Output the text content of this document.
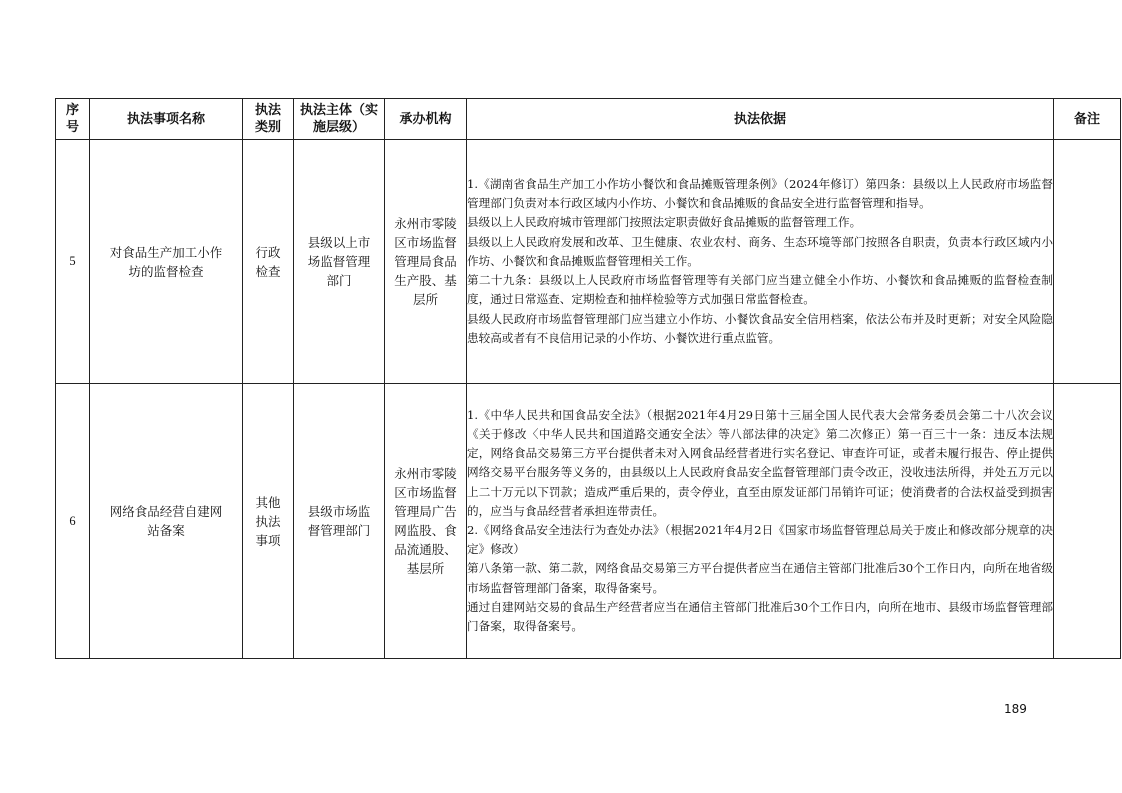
序号	执法事项名称	执法类别	执法主体（实施层级）	承办机构	执法依据	备注
5	对食品生产加工小作坊的监督检查	行政检查	县级以上市场监督管理部门	永州市零陵区市场监督管理局食品生产股、基层所	1.《湖南省食品生产加工小作坊小餐饮和食品摊贩管理条例》（2024年修订）第四条：县级以上人民政府市场监督管理部门负责对本行政区域内小作坊、小餐饮和食品摊贩的食品安全进行监督管理和指导。

县级以上人民政府城市管理部门按照法定职责做好食品摊贩的监督管理工作。

县级以上人民政府发展和改革、卫生健康、农业农村、商务、生态环境等部门按照各自职责，负责本行政区域内小作坊、小餐饮和食品摊贩监督管理相关工作。

第二十九条：县级以上人民政府市场监督管理等有关部门应当建立健全小作坊、小餐饮和食品摊贩的监督检查制度，通过日常巡查、定期检查和抽样检验等方式加强日常监督检查。

县级人民政府市场监督管理部门应当建立小作坊、小餐饮食品安全信用档案，依法公布并及时更新；对安全风险隐患较高或者有不良信用记录的小作坊、小餐饮进行重点监管。	

6	网络食品经营自建网站备案	其他执法事项	县级市场监督管理部门	永州市零陵区市场监督管理局广告网监股、食品流通股、基层所	1.《中华人民共和国食品安全法》（根据2021年4月29日第十三届全国人民代表大会常务委员会第二十八次会议《关于修改〈中华人民共和国道路交通安全法〉等八部法律的决定》第二次修正）第一百三十一条：违反本法规定，网络食品交易第三方平台提供者未对入网食品经营者进行实名登记、审查许可证，或者未履行报告、停止提供网络交易平台服务等义务的，由县级以上人民政府食品安全监督管理部门责令改正，没收违法所得，并处五万元以上二十万元以下罚款；造成严重后果的，责令停业，直至由原发证部门吊销许可证；使消费者的合法权益受到损害的，应当与食品经营者承担连带责任。

2.《网络食品安全违法行为查处办法》（根据2021年4月2日《国家市场监督管理总局关于废止和修改部分规章的决定》修改）

第八条第一款、第二款，网络食品交易第三方平台提供者应当在通信主管部门批准后30个工作日内，向所在地省级市场监督管理部门备案，取得备案号。

通过自建网站交易的食品生产经营者应当在通信主管部门批准后30个工作日内，向所在地市、县级市场监督管理部门备案，取得备案号。	

189
